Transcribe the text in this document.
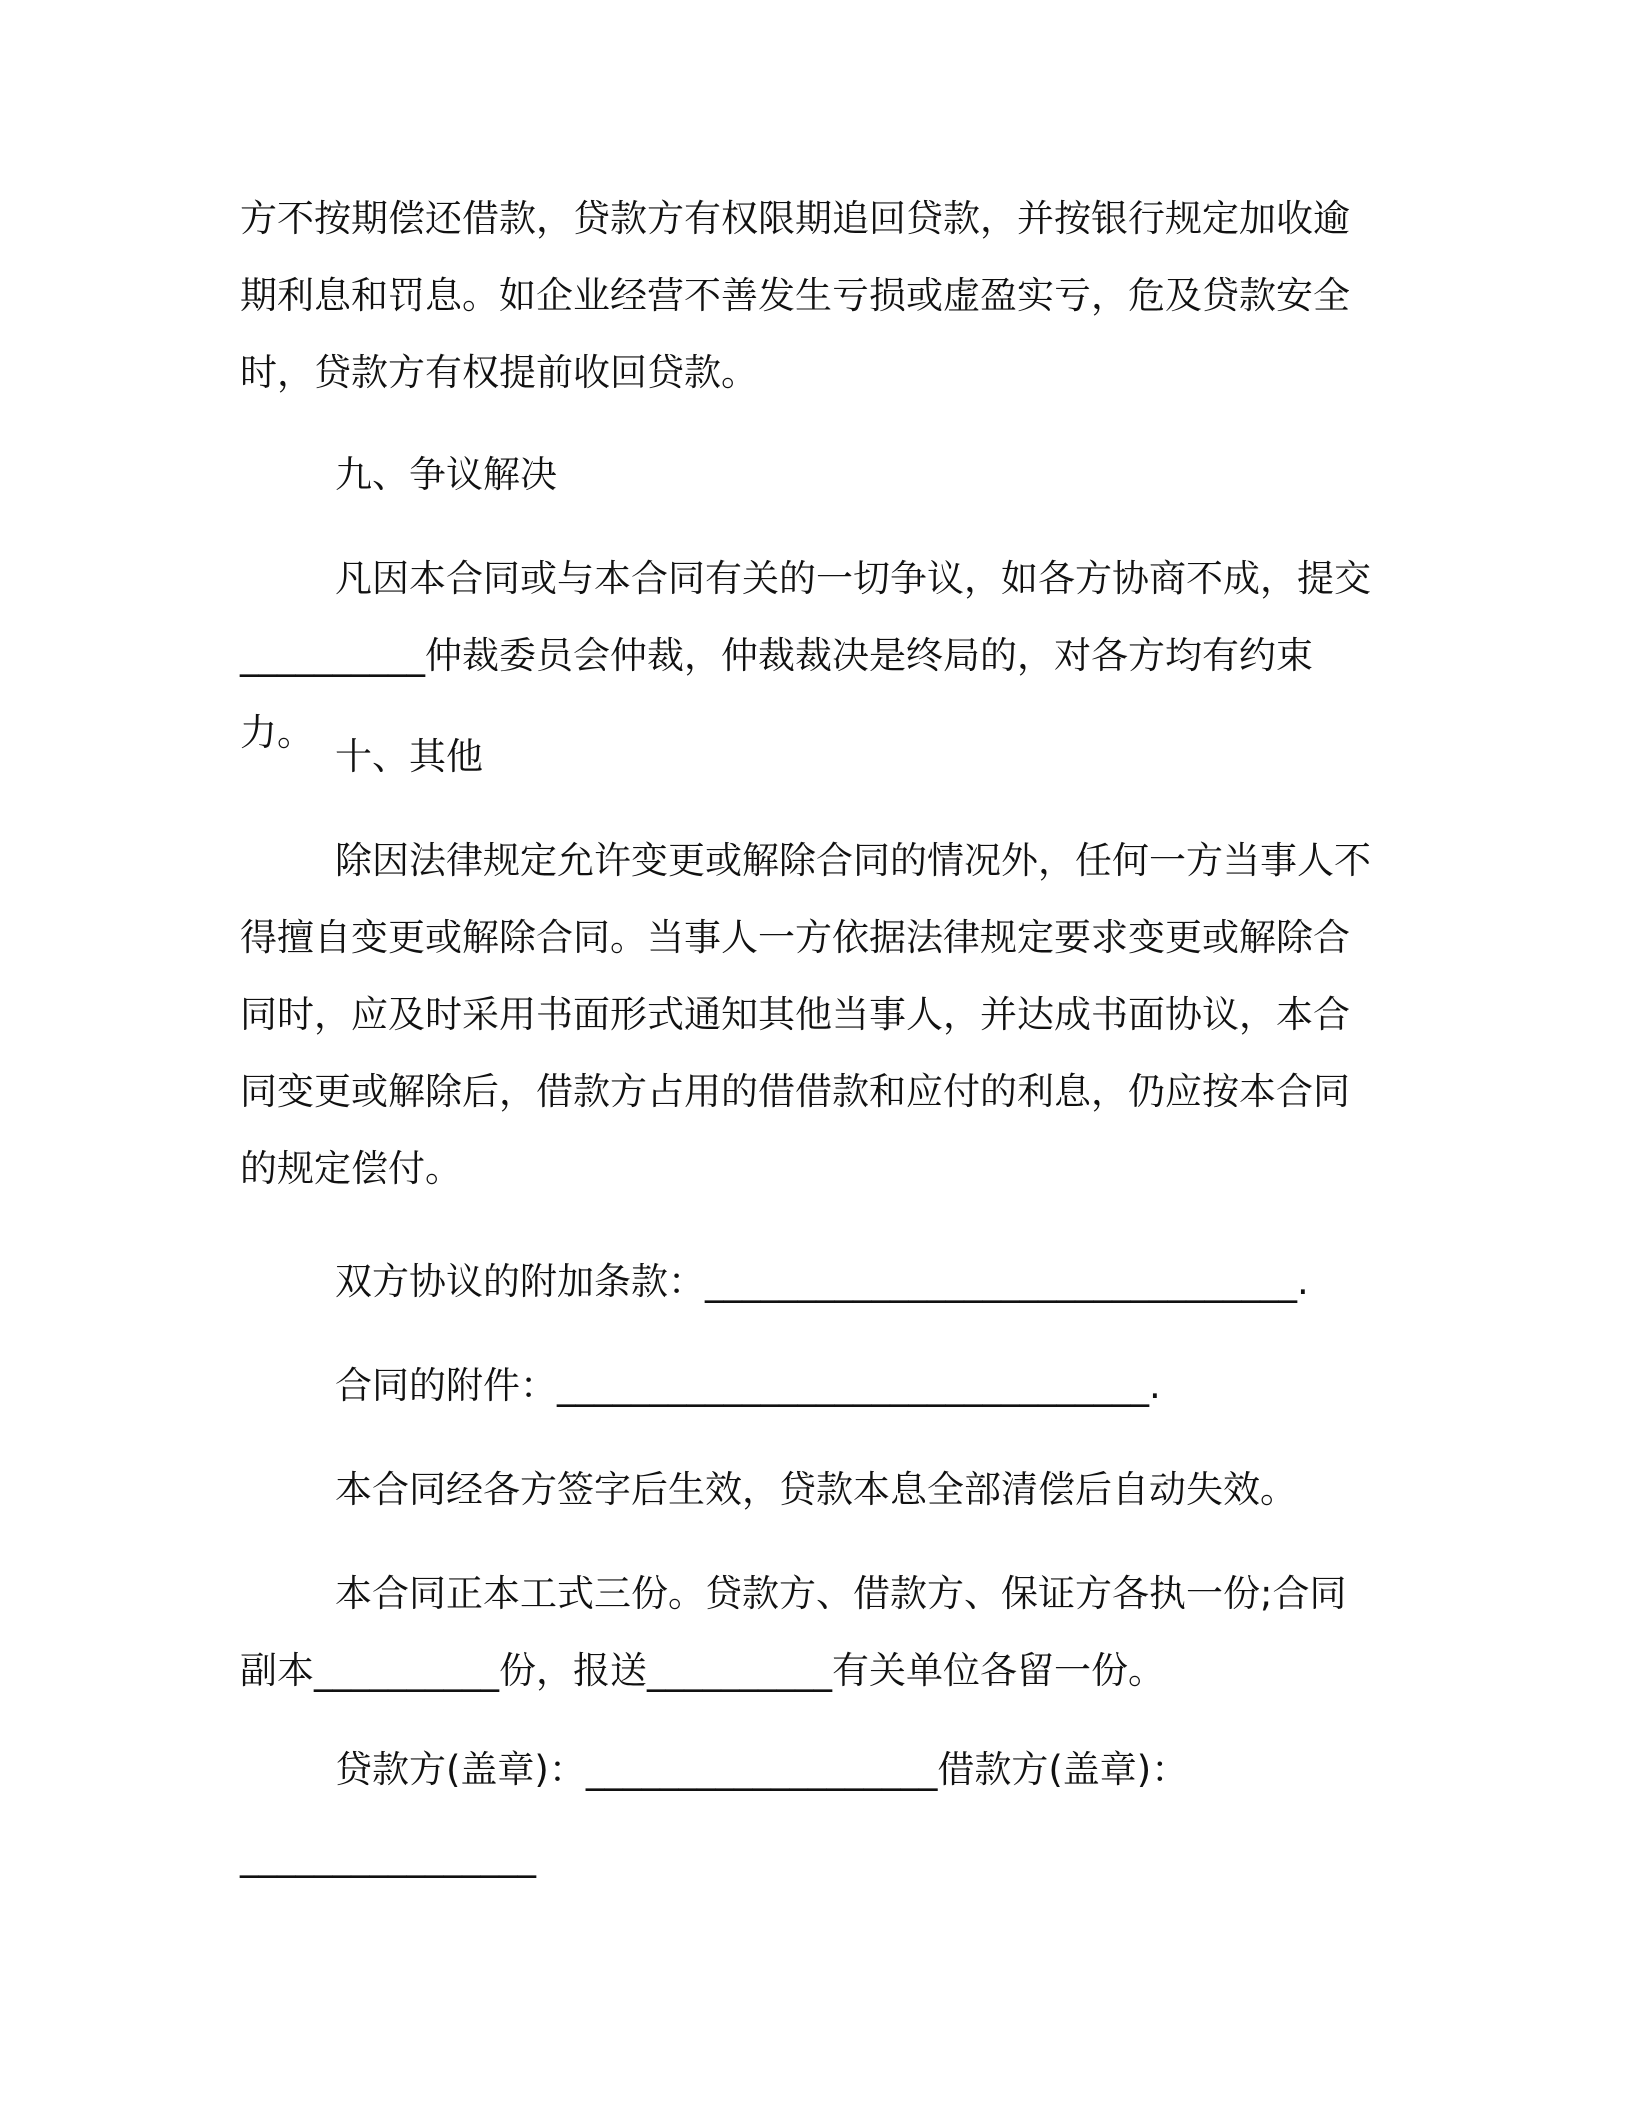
方不按期偿还借款，贷款方有权限期追回贷款，并按银行规定加收逾期利息和罚息。如企业经营不善发生亏损或虚盈实亏，危及贷款安全时，贷款方有权提前收回贷款。

九、争议解决

凡因本合同或与本合同有关的一切争议，如各方协商不成，提交__________仲裁委员会仲裁，仲裁裁决是终局的，对各方均有约束力。

十、其他

除因法律规定允许变更或解除合同的情况外，任何一方当事人不得擅自变更或解除合同。当事人一方依据法律规定要求变更或解除合同时，应及时采用书面形式通知其他当事人，并达成书面协议，本合同变更或解除后，借款方占用的借借款和应付的利息，仍应按本合同的规定偿付。

双方协议的附加条款：________________________________.

合同的附件：________________________________.

本合同经各方签字后生效，贷款本息全部清偿后自动失效。

本合同正本工式三份。贷款方、借款方、保证方各执一份;合同副本__________份，报送__________有关单位各留一份。

贷款方(盖章)：___________________借款方(盖章)：

________________
